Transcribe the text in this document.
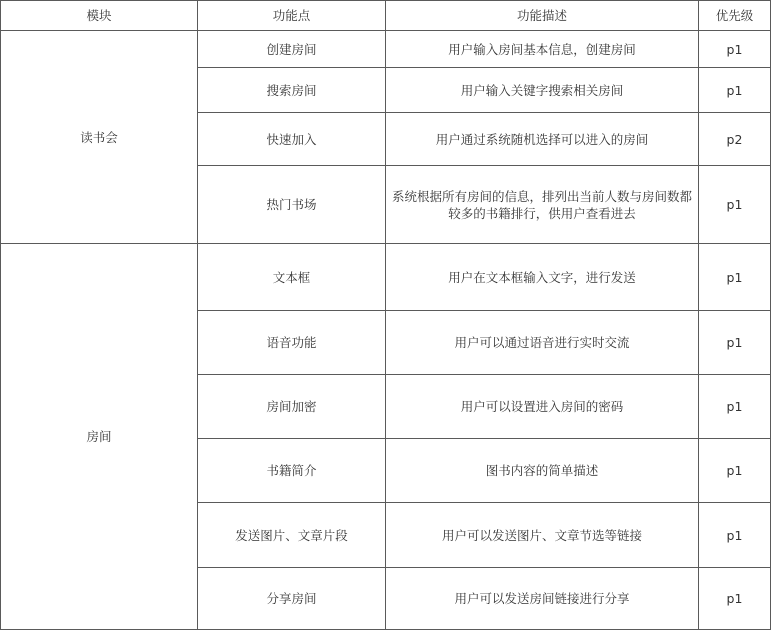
模块	功能点	功能描述	优先级
读书会	创建房间	用户输入房间基本信息，创建房间	p1
	搜索房间	用户输入关键字搜索相关房间	p1
	快速加入	用户通过系统随机选择可以进入的房间	p2
	热门书场	系统根据所有房间的信息，排列出当前人数与房间数都较多的书籍排行，供用户查看进去	p1
房间	文本框	用户在文本框输入文字，进行发送	p1
	语音功能	用户可以通过语音进行实时交流	p1
	房间加密	用户可以设置进入房间的密码	p1
	书籍简介	图书内容的简单描述	p1
	发送图片、文章片段	用户可以发送图片、文章节选等链接	p1
	分享房间	用户可以发送房间链接进行分享	p1
